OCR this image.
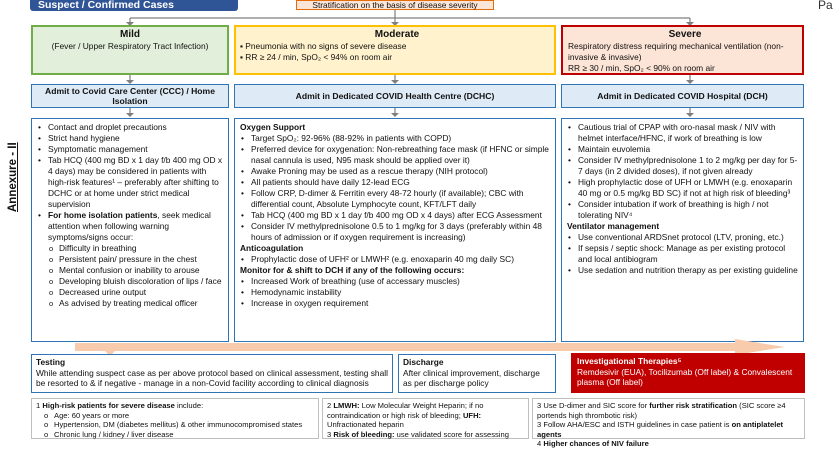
Suspect / Confirmed Cases	Stratification on the basis of disease severity	Pa
Annexure - II
Mild
(Fever / Upper Respiratory Tract Infection)
Moderate
▪ Pneumonia with no signs of severe disease
▪ RR ≥ 24 / min, SpO₂ < 94% on room air
Severe
Respiratory distress requiring mechanical ventilation (non-invasive & invasive)
RR ≥ 30 / min, SpO₂ < 90% on room air
Admit to Covid Care Center (CCC) / Home Isolation
Admit in Dedicated COVID Health Centre (DCHC)	Admit in Dedicated COVID Hospital (DCH)
• Contact and droplet precautions
• Strict hand hygiene
• Symptomatic management
• Tab HCQ (400 mg BD x 1 day f/b 400 mg OD x 4 days) may be considered in patients with high-risk features¹ – preferably after shifting to DCHC or at home under strict medical supervision
• For home isolation patients, seek medical attention when following warning symptoms/signs occur:
o Difficulty in breathing
o Persistent pain/ pressure in the chest
o Mental confusion or inability to arouse
o Developing bluish discoloration of lips / face
o Decreased urine output
o As advised by treating medical officer
Oxygen Support
• Target SpO₂: 92-96% (88-92% in patients with COPD)
• Preferred device for oxygenation: Non-rebreathing face mask (if HFNC or simple nasal cannula is used, N95 mask should be applied over it)
• Awake Proning may be used as a rescue therapy (NIH protocol)
• All patients should have daily 12-lead ECG
• Follow CRP, D-dimer & Ferritin every 48-72 hourly (if available); CBC with differential count, Absolute Lymphocyte count, KFT/LFT daily
• Tab HCQ (400 mg BD x 1 day f/b 400 mg OD x 4 days) after ECG Assessment
• Consider IV methylprednisolone 0.5 to 1 mg/kg for 3 days (preferably within 48 hours of admission or if oxygen requirement is increasing)
Anticoagulation
• Prophylactic dose of UFH² or LMWH² (e.g. enoxaparin 40 mg daily SC)
Monitor for & shift to DCH if any of the following occurs:
• Increased Work of breathing (use of accessary muscles)
• Hemodynamic instability
• Increase in oxygen requirement
• Cautious trial of CPAP with oro-nasal mask / NIV with helmet interface/HFNC, if work of breathing is low
• Maintain euvolemia
• Consider IV methylprednisolone 1 to 2 mg/kg per day for 5-7 days (in 2 divided doses), if not given already
• High prophylactic dose of UFH or LMWH (e.g. enoxaparin 40 mg or 0.5 mg/kg BD SC) if not at high risk of bleeding³
• Consider intubation if work of breathing is high / not tolerating NIV⁴
Ventilator management
• Use conventional ARDSnet protocol (LTV, proning, etc.)
• If sepsis / septic shock: Manage as per existing protocol and local antibiogram
• Use sedation and nutrition therapy as per existing guideline
Testing
While attending suspect case as per above protocol based on clinical assessment, testing shall be resorted to & if negative - manage in a non-Covid facility according to clinical diagnosis
Discharge
After clinical improvement, discharge as per discharge policy
Investigational Therapies⁵
Remdesivir (EUA), Tocilizumab (Off label) & Convalescent plasma (Off label)
1 High-risk patients for severe disease include:
o Age: 60 years or more
o Hypertension, DM (diabetes mellitus) & other immunocompromised states
o Chronic lung / kidney / liver disease
2 LMWH: Low Molecular Weight Heparin; if no contraindication or high risk of bleeding; UFH:
Unfractionated heparin
3 Risk of bleeding: use validated score for assessing
3 Use D-dimer and SIC score for further risk stratification (SIC score ≥4 portends high thrombotic risk)
3 Follow AHA/ESC and ISTH guidelines in case patient is on antiplatelet agents
4 Higher chances of NIV failure
